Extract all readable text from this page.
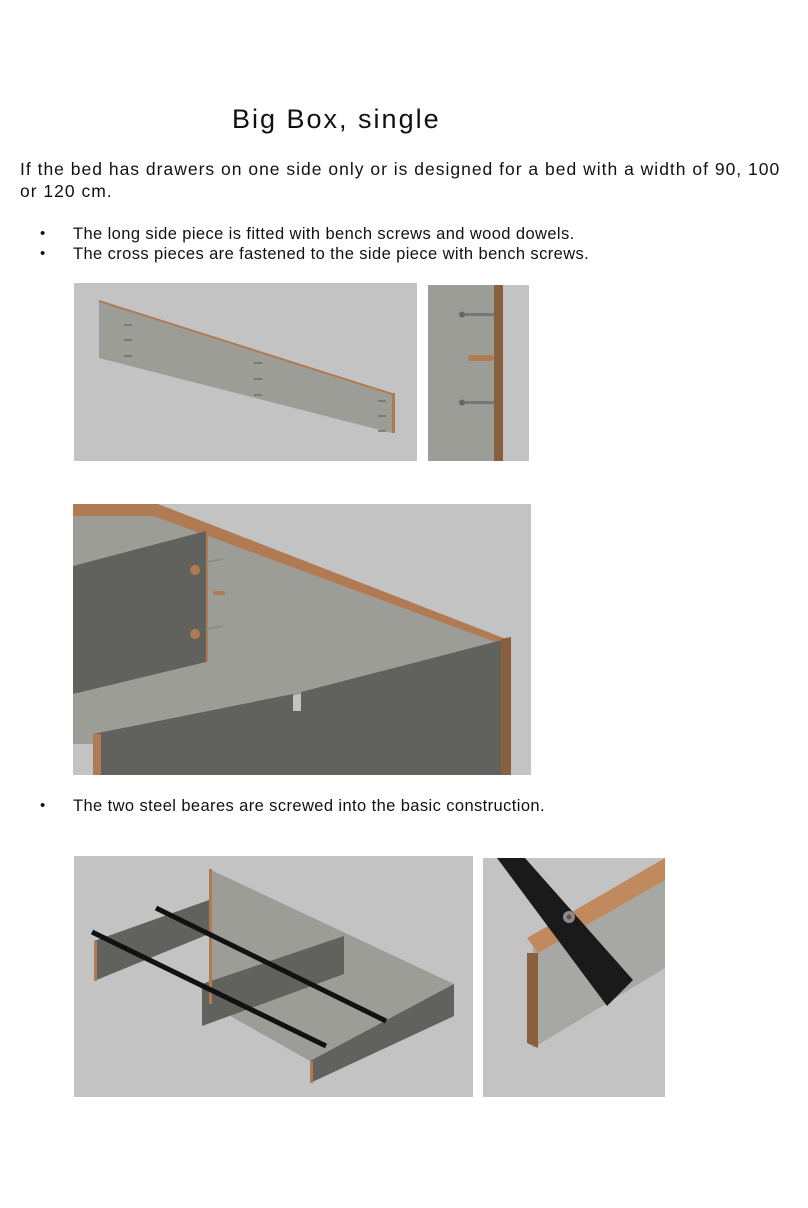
Big Box, single
If the bed has drawers on one side only or is designed for a bed with a width of 90, 100 or 120 cm.
• The long side piece is fitted with bench screws and wood dowels.
• The cross pieces are fastened to the side piece with bench screws.
• The two steel beares are screwed into the basic construction.
